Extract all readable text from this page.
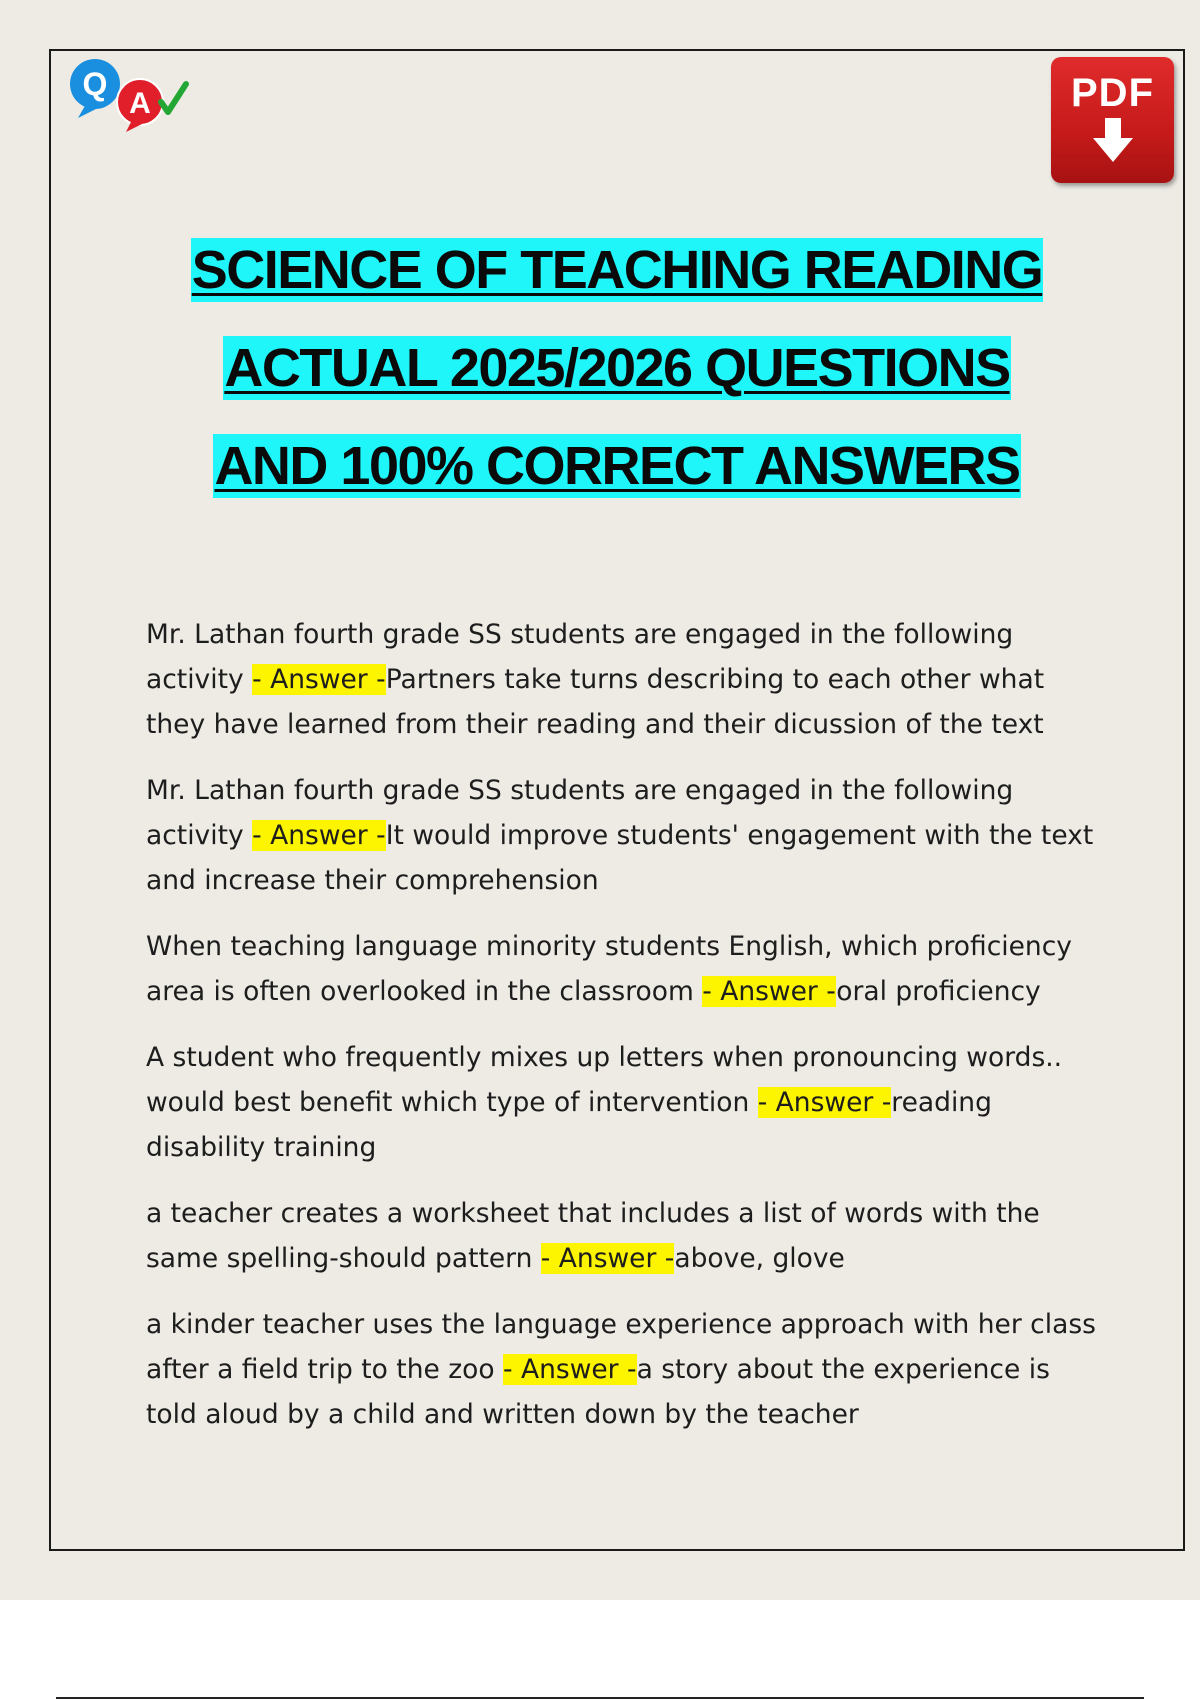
Q
A	PDF
SCIENCE OF TEACHING READING
ACTUAL 2025/2026 QUESTIONS
AND 100% CORRECT ANSWERS

Mr. Lathan fourth grade SS students are engaged in the following activity - Answer -Partners take turns describing to each other what they have learned from their reading and their dicussion of the text

Mr. Lathan fourth grade SS students are engaged in the following activity - Answer -It would improve students' engagement with the text and increase their comprehension

When teaching language minority students English, which proficiency area is often overlooked in the classroom - Answer -oral proficiency

A student who frequently mixes up letters when pronouncing words.. would best benefit which type of intervention - Answer -reading disability training

a teacher creates a worksheet that includes a list of words with the same spelling-should pattern - Answer -above, glove

a kinder teacher uses the language experience approach with her class after a field trip to the zoo - Answer -a story about the experience is told aloud by a child and written down by the teacher
